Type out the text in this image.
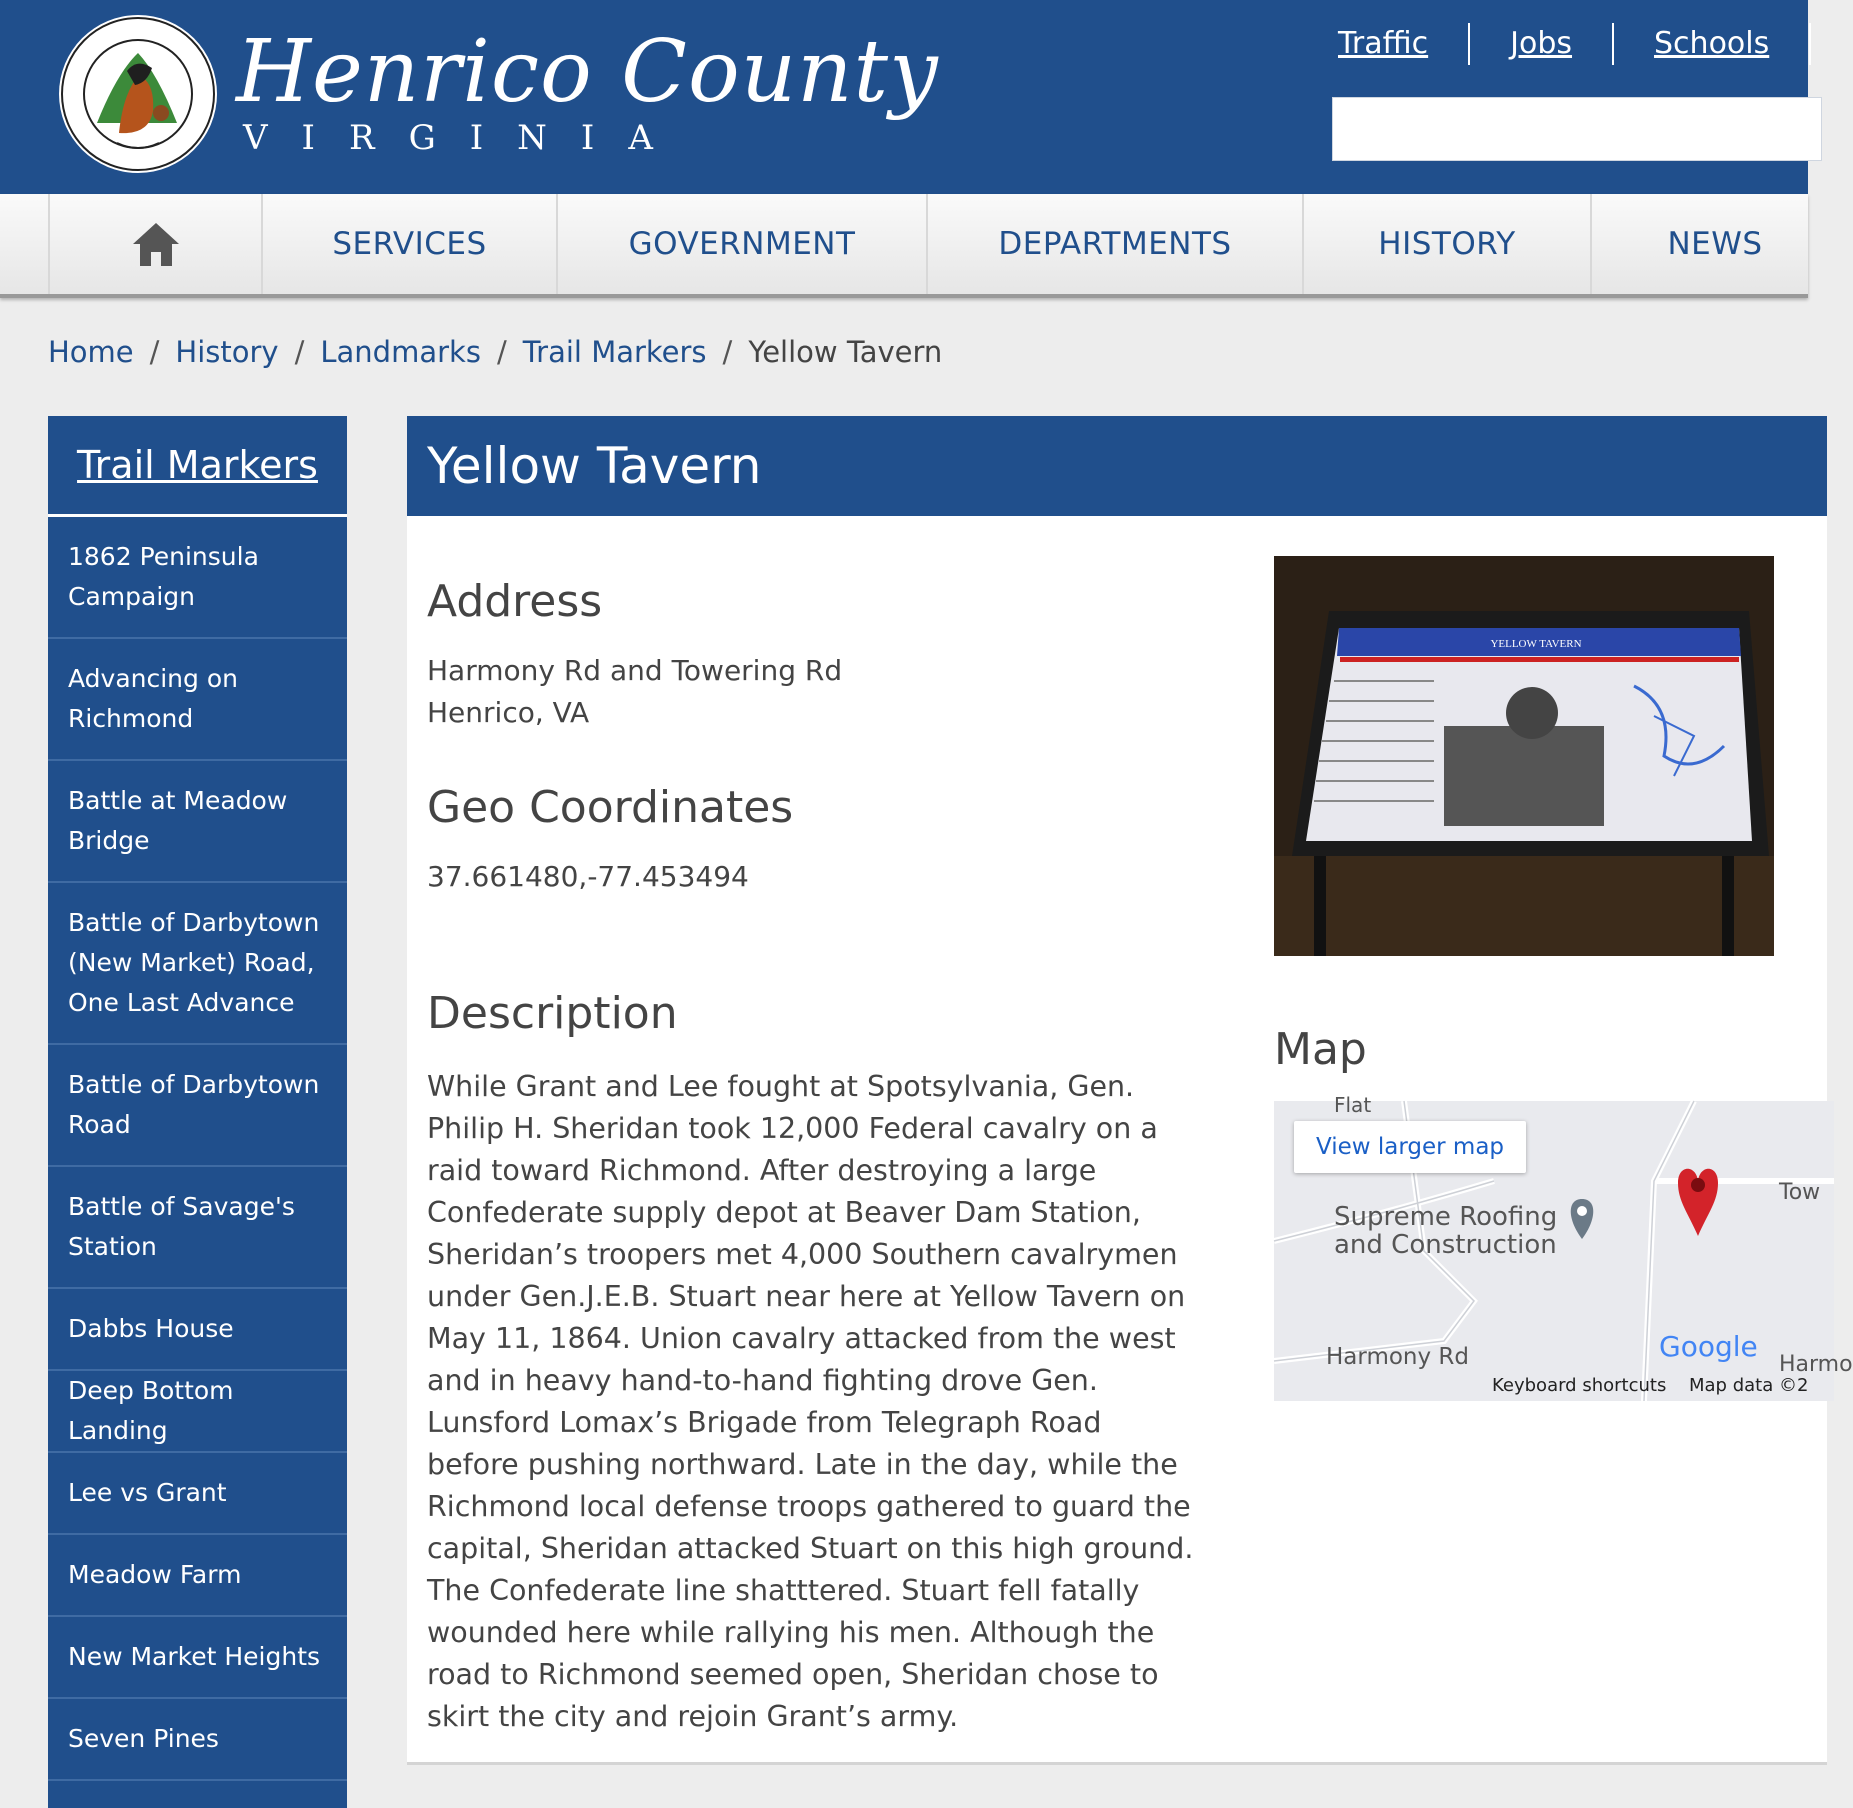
Henrico County
VIRGINIA
Traffic	Jobs	Schools
SERVICES	GOVERNMENT	DEPARTMENTS	HISTORY	NEWS
Home / History / Landmarks / Trail Markers / Yellow Tavern
Trail Markers
1862 Peninsula Campaign
Advancing on Richmond
Battle at Meadow Bridge
Battle of Darbytown (New Market) Road, One Last Advance
Battle of Darbytown Road
Battle of Savage's Station
Dabbs House
Deep Bottom Landing
Lee vs Grant
Meadow Farm
New Market Heights
Seven Pines
Yellow Tavern
Address
Harmony Rd and Towering Rd
Henrico, VA
Geo Coordinates
37.661480,-77.453494
Description
While Grant and Lee fought at Spotsylvania, Gen. Philip H. Sheridan took 12,000 Federal cavalry on a raid toward Richmond. After destroying a large Confederate supply depot at Beaver Dam Station, Sheridan’s troopers met 4,000 Southern cavalrymen under Gen.J.E.B. Stuart near here at Yellow Tavern on May 11, 1864. Union cavalry attacked from the west and in heavy hand-to-hand fighting drove Gen. Lunsford Lomax’s Brigade from Telegraph Road before pushing northward. Late in the day, while the Richmond local defense troops gathered to guard the capital, Sheridan attacked Stuart on this high ground. The Confederate line shatttered. Stuart fell fatally wounded here while rallying his men. Although the road to Richmond seemed open, Sheridan chose to skirt the city and rejoin Grant’s army.
YELLOW TAVERN
Map
View larger map
Flat
Supreme Roofing and Construction
Harmony Rd	Harmo
Tow
Google
Keyboard shortcuts Map data ©2
